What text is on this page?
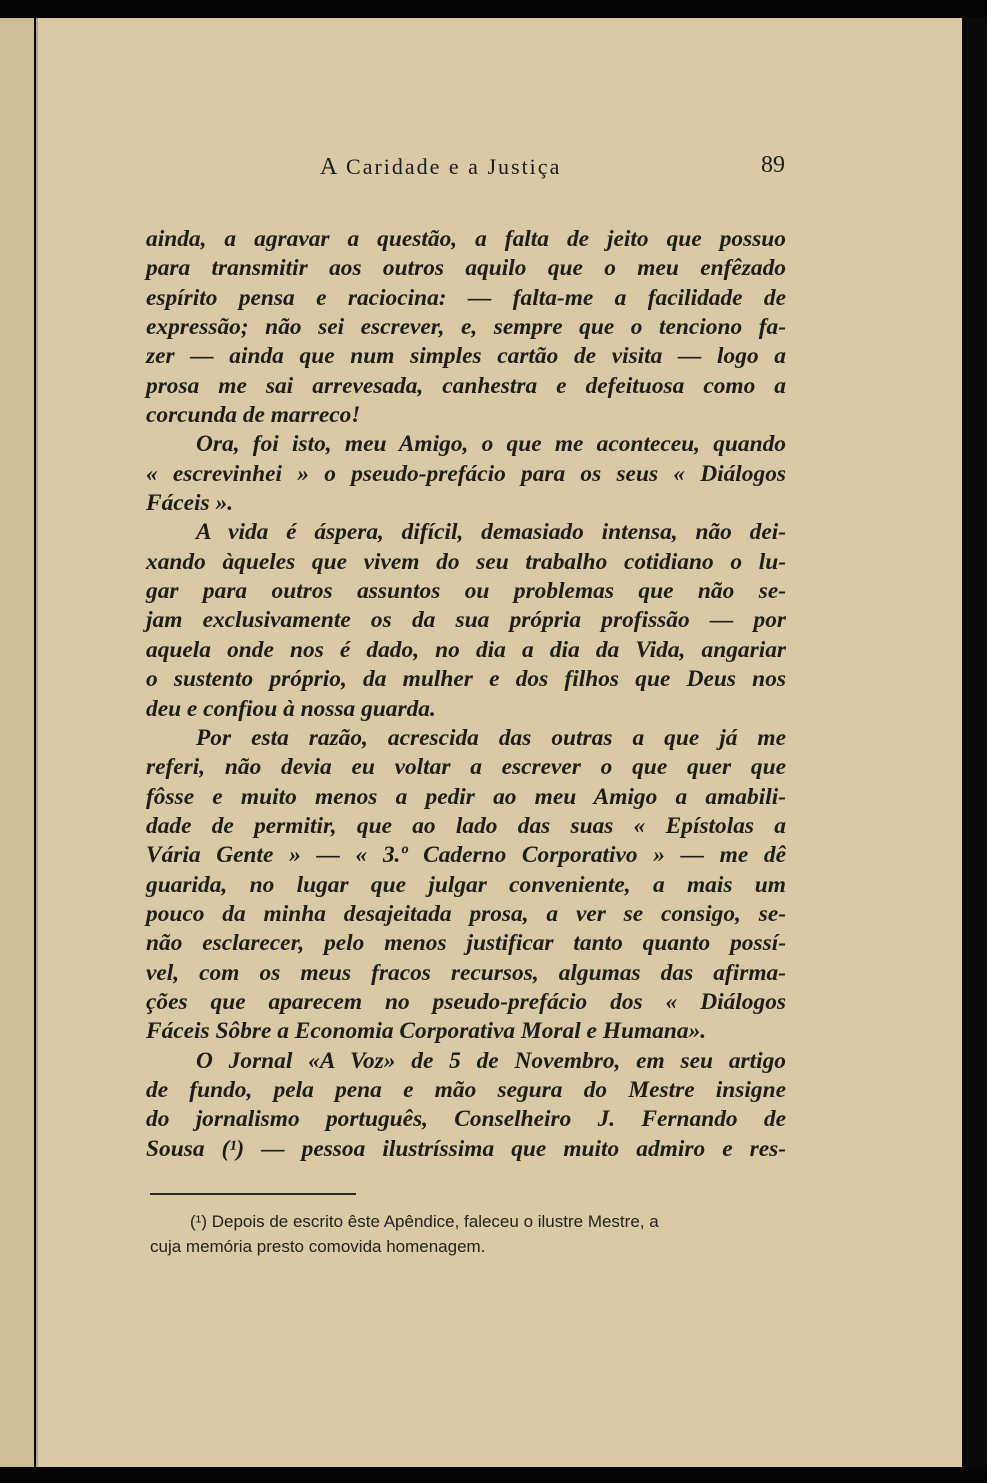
A Caridade e a Justiça	89
ainda, a agravar a questão, a falta de jeito que possuo
para transmitir aos outros aquilo que o meu enfêzado
espírito pensa e raciocina: — falta-me a facilidade de
expressão; não sei escrever, e, sempre que o tenciono fa-
zer — ainda que num simples cartão de visita — logo a
prosa me sai arrevesada, canhestra e defeituosa como a
corcunda de marreco!
Ora, foi isto, meu Amigo, o que me aconteceu, quando
« escrevinhei » o pseudo-prefácio para os seus « Diálogos
Fáceis ».
A vida é áspera, difícil, demasiado intensa, não dei-
xando àqueles que vivem do seu trabalho cotidiano o lu-
gar para outros assuntos ou problemas que não se-
jam exclusivamente os da sua própria profissão — por
aquela onde nos é dado, no dia a dia da Vida, angariar
o sustento próprio, da mulher e dos filhos que Deus nos
deu e confiou à nossa guarda.
Por esta razão, acrescida das outras a que já me
referi, não devia eu voltar a escrever o que quer que
fôsse e muito menos a pedir ao meu Amigo a amabili-
dade de permitir, que ao lado das suas « Epístolas a
Vária Gente » — « 3.º Caderno Corporativo » — me dê
guarida, no lugar que julgar conveniente, a mais um
pouco da minha desajeitada prosa, a ver se consigo, se-
não esclarecer, pelo menos justificar tanto quanto possí-
vel, com os meus fracos recursos, algumas das afirma-
ções que aparecem no pseudo-prefácio dos « Diálogos
Fáceis Sôbre a Economia Corporativa Moral e Humana».
O Jornal «A Voz» de 5 de Novembro, em seu artigo
de fundo, pela pena e mão segura do Mestre insigne
do jornalismo português, Conselheiro J. Fernando de
Sousa (¹) — pessoa ilustríssima que muito admiro e res-
(¹) Depois de escrito êste Apêndice, faleceu o ilustre Mestre, a
cuja memória presto comovida homenagem.
